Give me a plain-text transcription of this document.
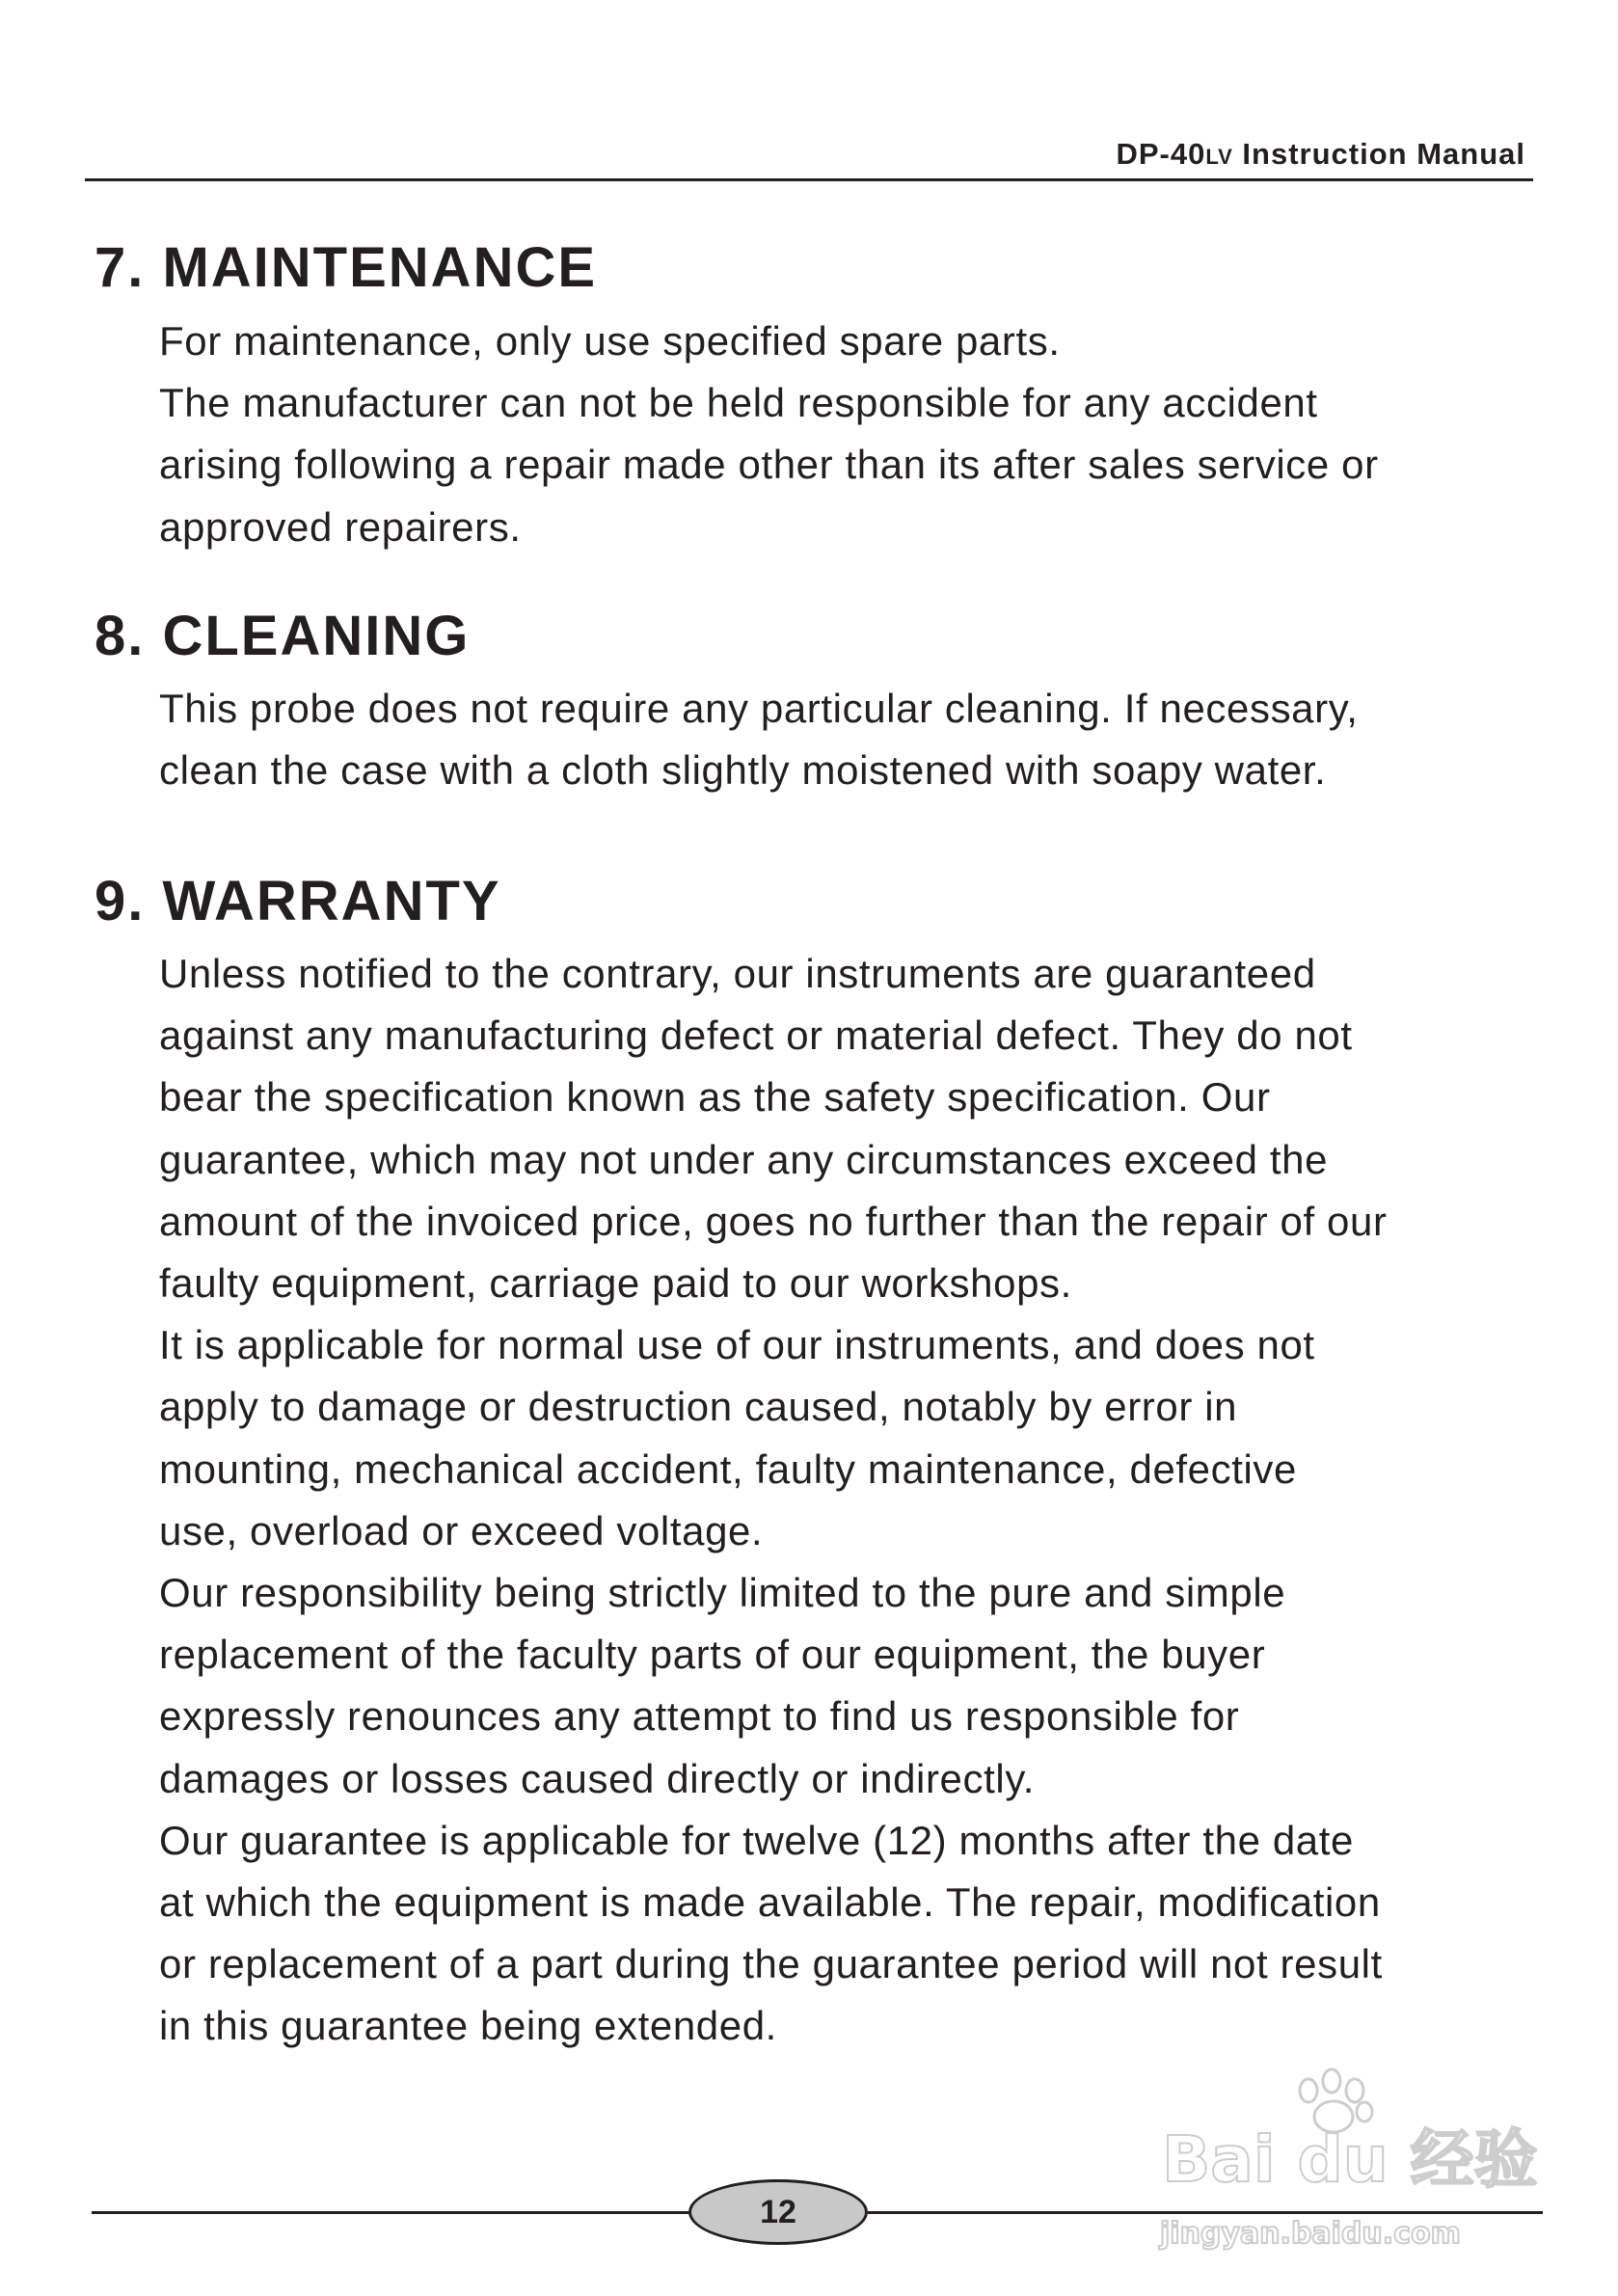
DP-40LV Instruction Manual
7. MAINTENANCE

For maintenance, only use specified spare parts.
The manufacturer can not be held responsible for any accident
arising following a repair made other than its after sales service or
approved repairers.

8. CLEANING

This probe does not require any particular cleaning. If necessary,
clean the case with a cloth slightly moistened with soapy water.

9. WARRANTY

Unless notified to the contrary, our instruments are guaranteed
against any manufacturing defect or material defect. They do not
bear the specification known as the safety specification. Our
guarantee, which may not under any circumstances exceed the
amount of the invoiced price, goes no further than the repair of our
faulty equipment, carriage paid to our workshops.
It is applicable for normal use of our instruments, and does not
apply to damage or destruction caused, notably by error in
mounting, mechanical accident, faulty maintenance, defective
use, overload or exceed voltage.
Our responsibility being strictly limited to the pure and simple
replacement of the faculty parts of our equipment, the buyer
expressly renounces any attempt to find us responsible for
damages or losses caused directly or indirectly.
Our guarantee is applicable for twelve (12) months after the date
at which the equipment is made available. The repair, modification
or replacement of a part during the guarantee period will not result
in this guarantee being extended.

12
Bai du 经验
jingyan.baidu.com
